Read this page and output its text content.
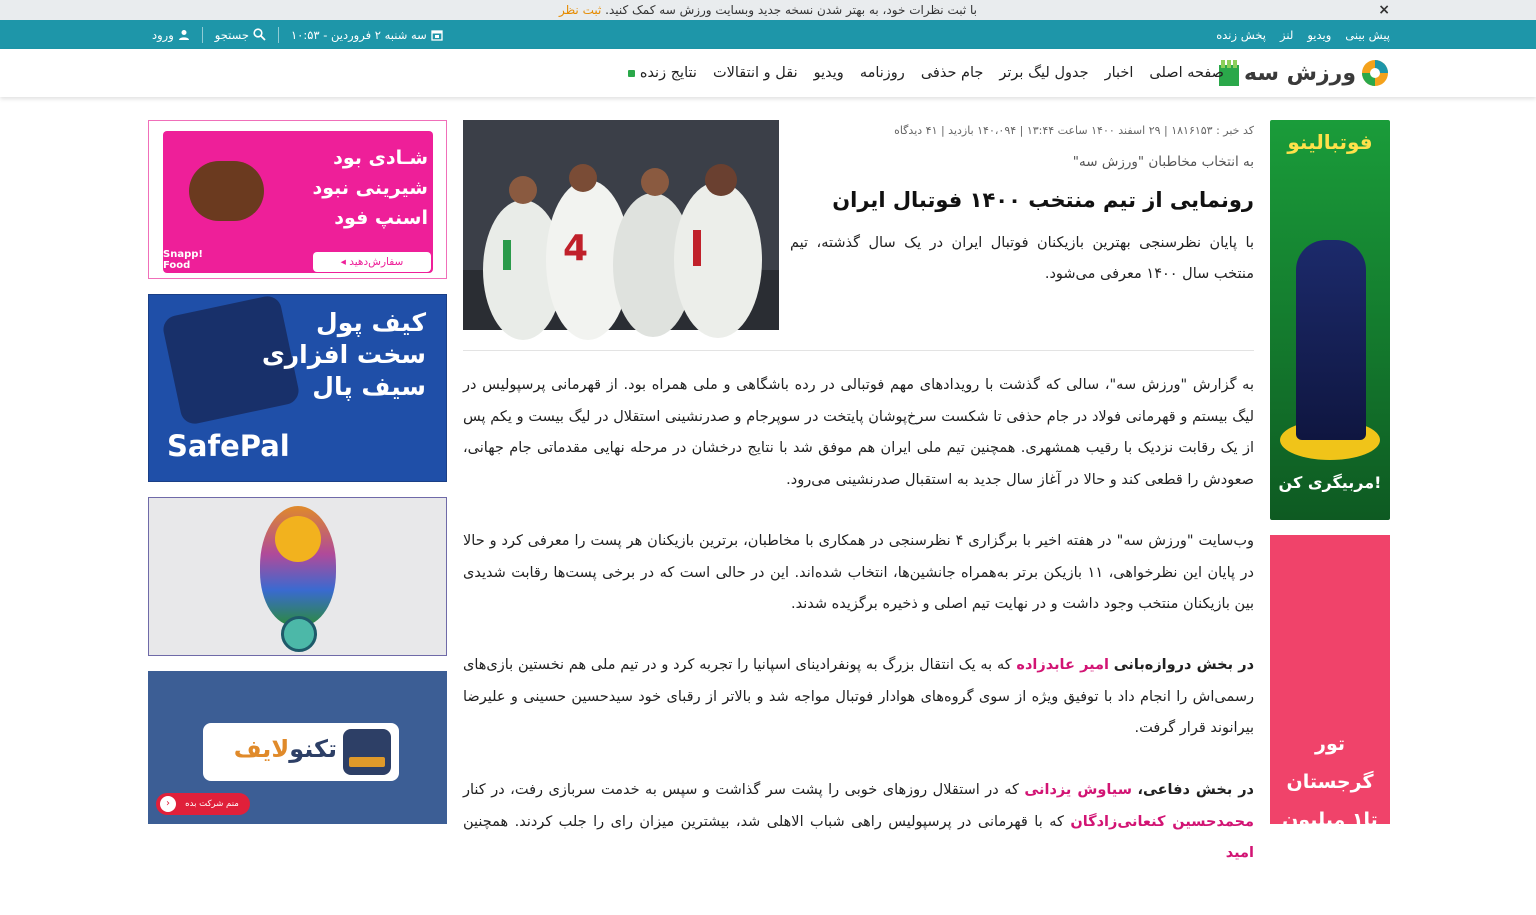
با ثبت نظرات خود، به بهتر شدن نسخه جدید وبسایت ورزش سه کمک کنید. ثبت نظر	×
پیش بینی
ویدیو
لنز
پخش زنده
ورود	جستجو	سه شنبه ۲ فروردین - ۱۰:۵۳
ورزش سه
صفحه اصلی
اخبار
جدول لیگ برتر
جام حذفی
روزنامه
ویدیو
نقل و انتقالات
نتایج زنده
فوتبالینو
مربیگری کن!
تور گرجستان
تا۱ میلیون تومان
تخفیف
کد خبر : ۱۸۱۶۱۵۳ | ۲۹ اسفند ۱۴۰۰ ساعت ۱۳:۴۴ | ۱۴۰،۰۹۴ بازدید | ۴۱ دیدگاه
به انتخاب مخاطبان "ورزش سه"
رونمایی از تیم منتخب ۱۴۰۰ فوتبال ایران

با پایان نظرسنجی بهترین بازیکنان فوتبال ایران در یک سال گذشته، تیم منتخب سال ۱۴۰۰ معرفی می‌شود.

4

به گزارش "ورزش سه"، سالی که گذشت با رویدادهای مهم فوتبالی در رده باشگاهی و ملی همراه بود. از قهرمانی پرسپولیس در لیگ بیستم و قهرمانی فولاد در جام حذفی تا شکست سرخ‌پوشان پایتخت در سوپرجام و صدرنشینی استقلال در لیگ بیست و یکم پس از یک رقابت نزدیک با رقیب همشهری. همچنین تیم ملی ایران هم موفق شد با نتایج درخشان در مرحله نهایی مقدماتی جام جهانی، صعودش را قطعی کند و حالا در آغاز سال جدید به استقبال صدرنشینی می‌رود.

وب‌سایت "ورزش سه" در هفته اخیر با برگزاری ۴ نظرسنجی در همکاری با مخاطبان، برترین بازیکنان هر پست را معرفی کرد و حالا در پایان این نظرخواهی، ۱۱ بازیکن برتر به‌همراه جانشین‌ها، انتخاب شده‌اند. این در حالی است که در برخی پست‌ها رقابت شدیدی بین بازیکنان منتخب وجود داشت و در نهایت تیم اصلی و ذخیره برگزیده شدند.

در بخش دروازه‌بانی امیر عابدزاده که به یک انتقال بزرگ به پونفرادینای اسپانیا را تجربه کرد و در تیم ملی هم نخستین بازی‌های رسمی‌اش را انجام داد با توفیق ویژه از سوی گروه‌های هوادار فوتبال مواجه شد و بالاتر از رقبای خود سیدحسین حسینی و علیرضا بیرانوند قرار گرفت.

در بخش دفاعی، سیاوش یزدانی که در استقلال روزهای خوبی را پشت سر گذاشت و سپس به خدمت سربازی رفت، در کنار محمدحسین کنعانی‌زادگان که با قهرمانی در پرسپولیس راهی شباب الاهلی شد، بیشترین میزان رای را جلب کردند. همچنین امید

شـادی بود
شیرینی نبود
اسنپ فود
Snapp!
Food	سفارش‌دهید ◂
کیف پول
سخت افزاری
سیف پال
SafePal
تکنولایف
‹	منم شرکت بده
